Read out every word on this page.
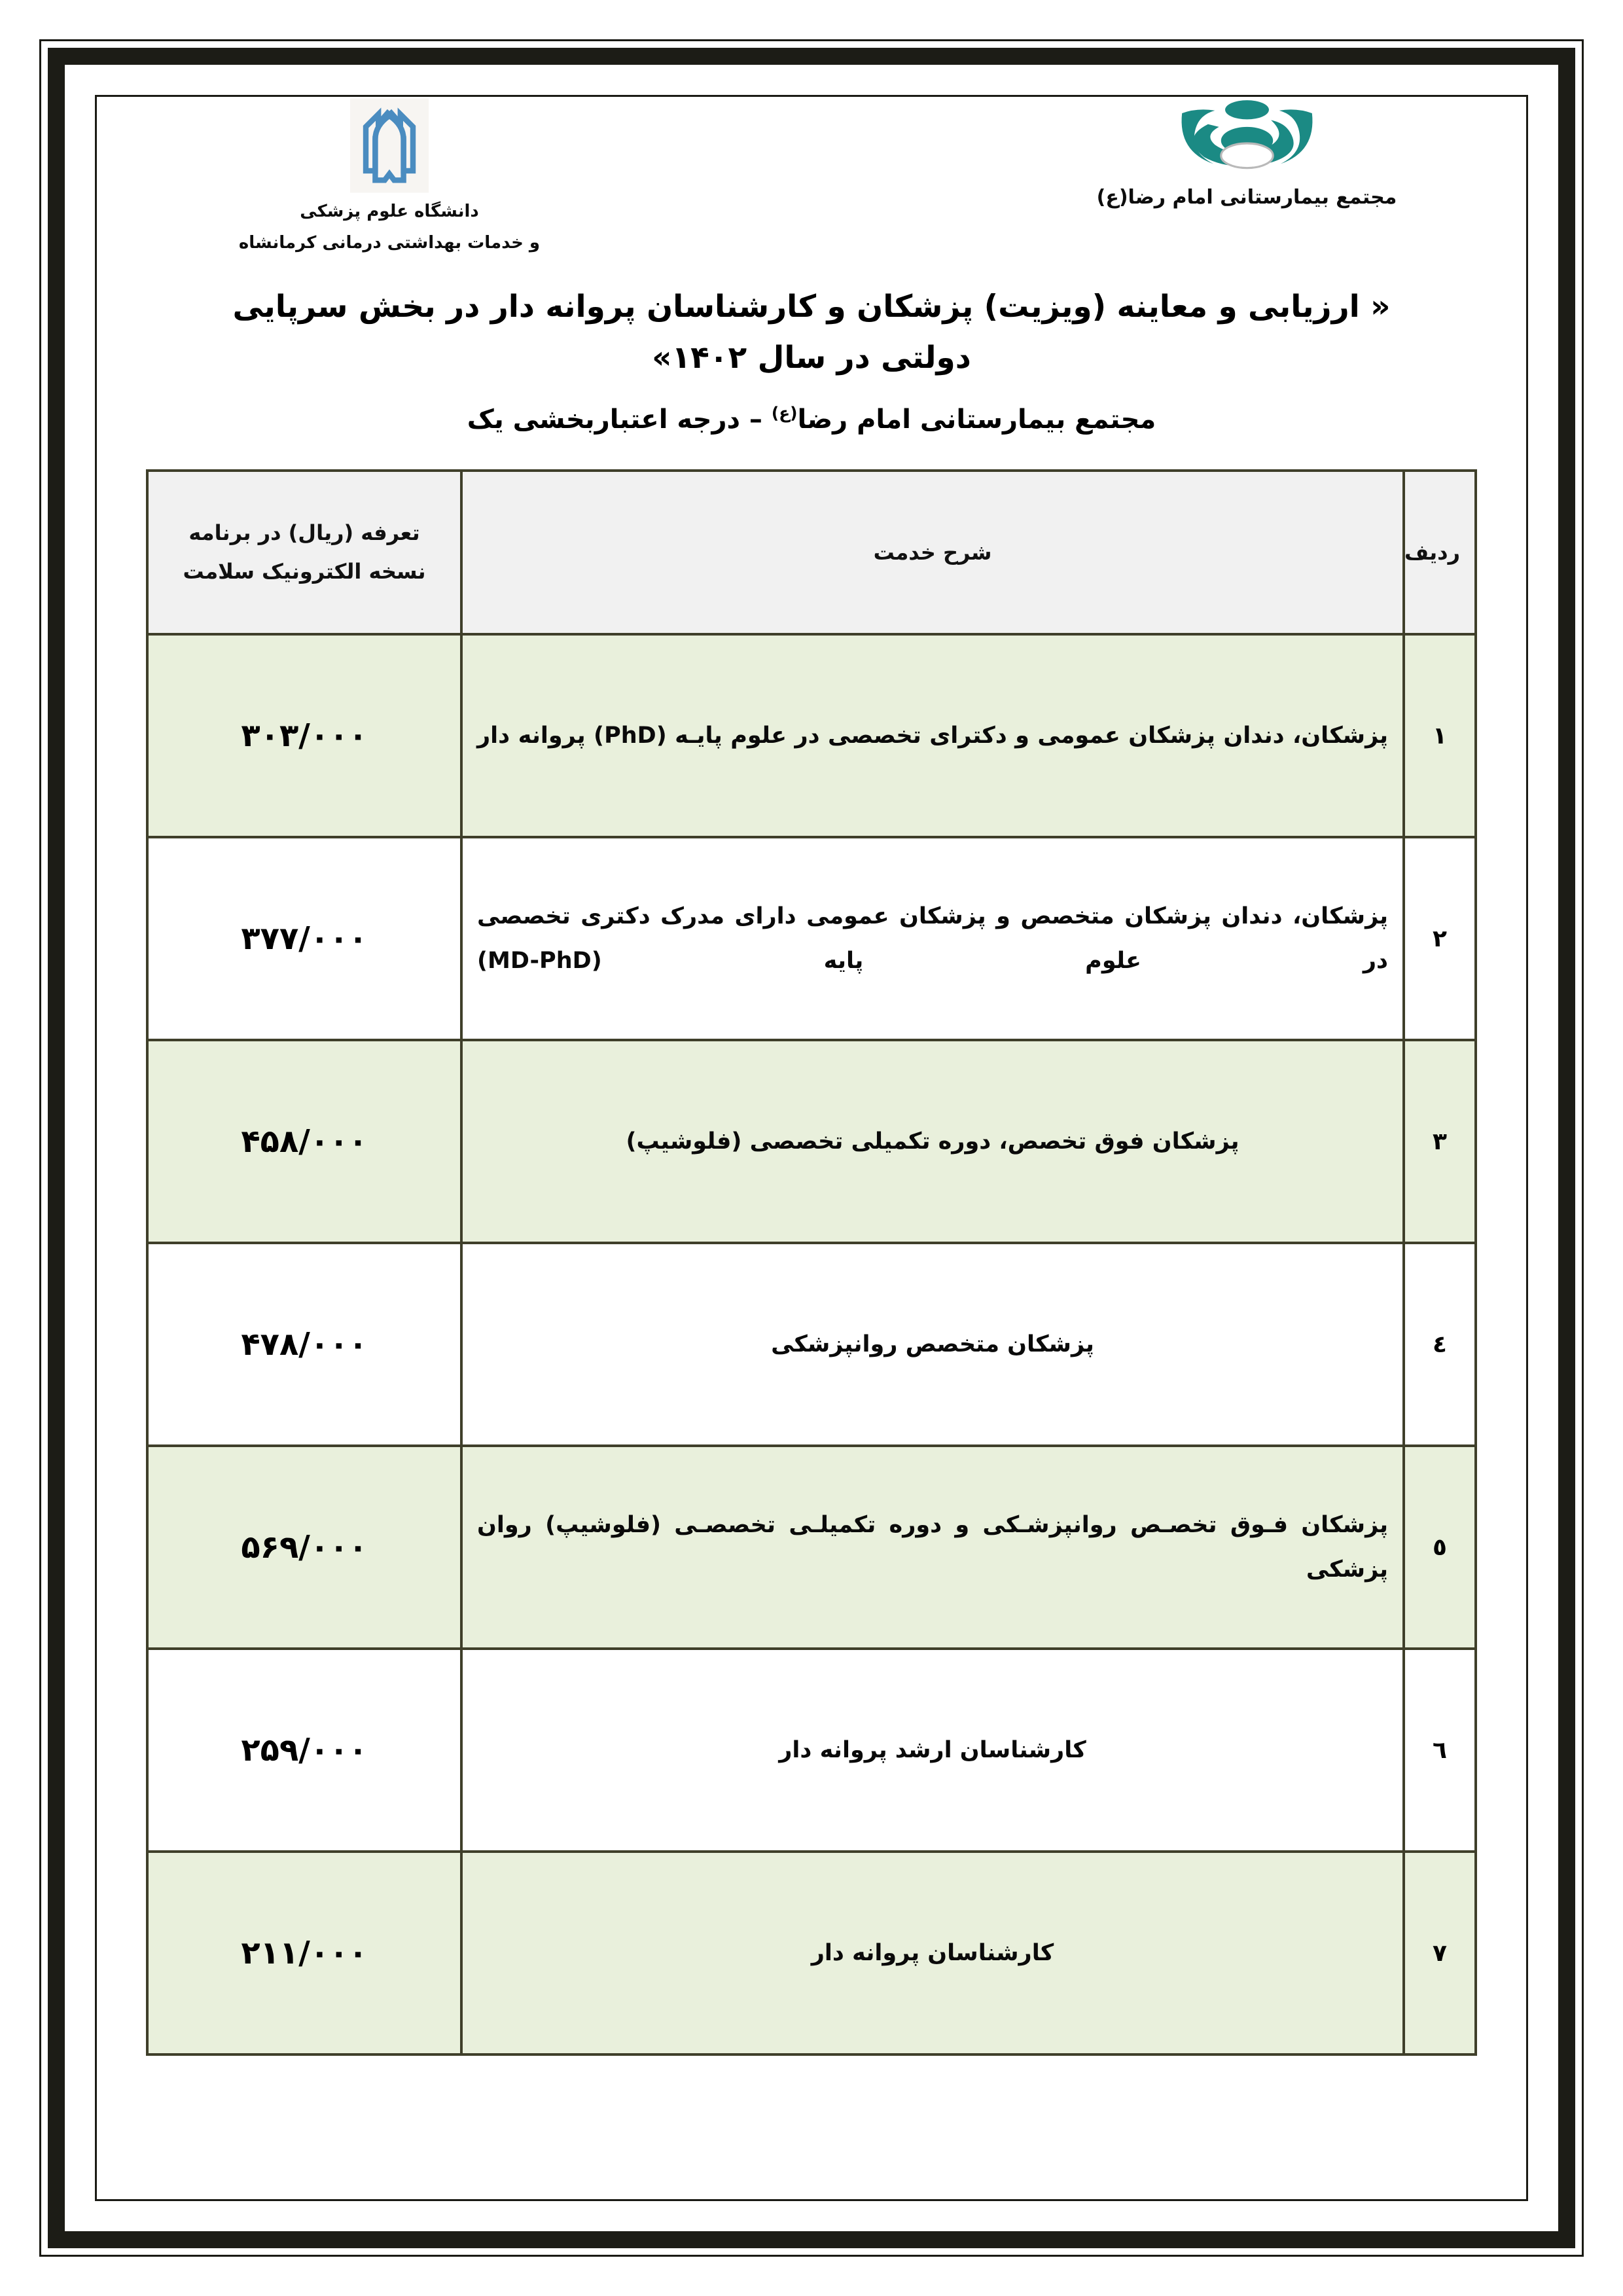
دانشگاه علوم پزشکی
و خدمات بهداشتی درمانی کرمانشاه
مجتمع بیمارستانی امام رضا(ع)
« ارزیابی و معاینه (ویزیت) پزشکان و کارشناسان پروانه دار در بخش سرپایی دولتی در سال ۱۴۰۲»
مجتمع بیمارستانی امام رضا$^{(ع)}$ – درجه اعتباربخشی یک
ردیف	شرح خدمت	تعرفه (ریال) در برنامه نسخه الکترونیک سلامت
۱	پزشکان، دندان پزشکان عمومی و دکترای تخصصی در علوم پایـه (PhD) پروانه دار	۳۰۳/۰۰۰
۲	پزشکان، دندان پزشکان متخصص و پزشکان عمومی دارای مدرک دکتری تخصصی در علوم پایه (MD-PhD)	۳۷۷/۰۰۰
۳	پزشکان فوق تخصص، دوره تکمیلی تخصصی (فلوشیپ)	۴۵۸/۰۰۰
٤	پزشکان متخصص روانپزشکی	۴۷۸/۰۰۰
٥	پزشکان فـوق تخصـص روانپزشـکی و دوره تکمیلـی تخصصـی (فلوشیپ) روان پزشکی	۵۶۹/۰۰۰
٦	کارشناسان ارشد پروانه دار	۲۵۹/۰۰۰
٧	کارشناسان پروانه دار	۲۱۱/۰۰۰
